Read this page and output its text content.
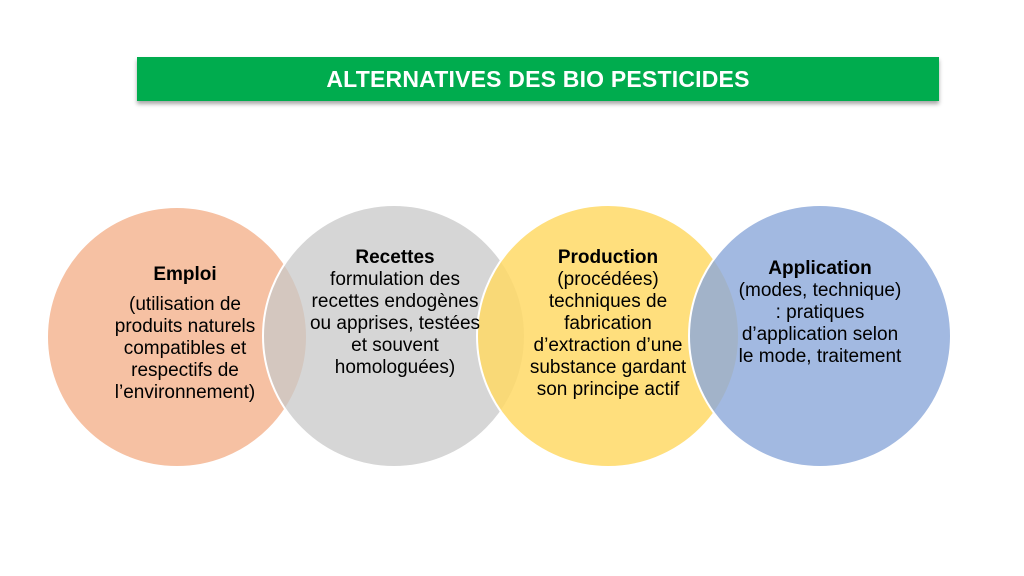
ALTERNATIVES DES BIO PESTICIDES
Emploi
(utilisation de produits naturels compatibles et respectifs de l’environnement)
Recettes
formulation des recettes endogènes ou apprises, testées et souvent homologuées)
Production
(procédées) techniques de fabrication d’extraction d’une substance gardant son principe actif
Application
(modes, technique) : pratiques d’application selon le mode, traitement
